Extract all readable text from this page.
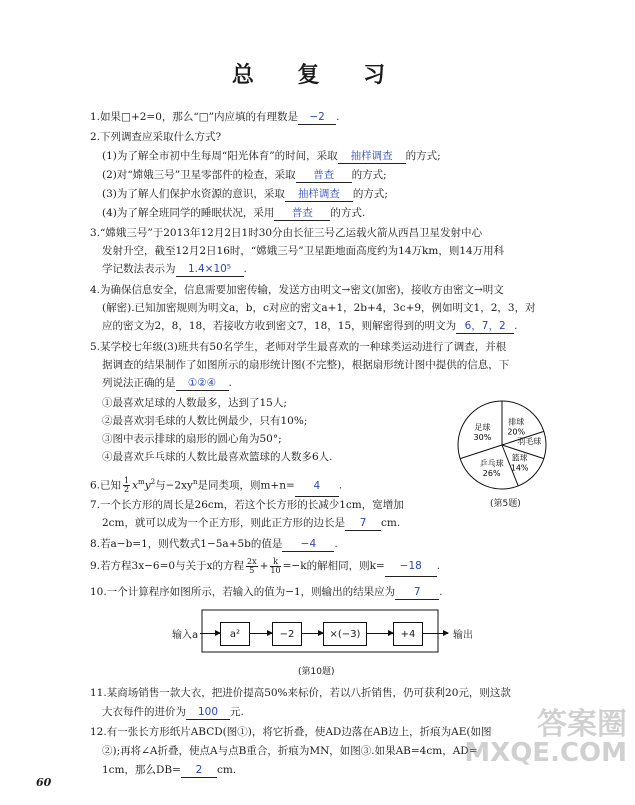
总 复 习
1.如果□+2=0，那么“□”内应填的有理数是 −2 .
2.下列调查应采取什么方式?
(1)为了解全市初中生每周“阳光体育”的时间，采取 抽样调查 的方式;
(2)对“嫦娥三号”卫星零部件的检查，采取 普查 的方式;
(3)为了解人们保护水资源的意识，采取 抽样调查 的方式;
(4)为了解全班同学的睡眠状况，采用 普查 的方式.
3.“嫦娥三号”于2013年12月2日1时30分由长征三号乙运载火箭从西昌卫星发射中心
发射升空，截至12月2日16时，“嫦娥三号”卫星距地面高度约为14万km，则14万用科
学记数法表示为 1.4×10⁵ .
4.为确保信息安全，信息需要加密传输，发送方由明文→密文(加密)，接收方由密文→明文
(解密).已知加密规则为明文a，b，c对应的密文a+1，2b+4，3c+9，例如明文1，2，3，对
应的密文为2，8，18，若接收方收到密文7，18，15，则解密得到的明文为 6，7，2 .
5.某学校七年级(3)班共有50名学生，老师对学生最喜欢的一种球类运动进行了调查，并根
据调查的结果制作了如图所示的扇形统计图(不完整)，根据扇形统计图中提供的信息，下
列说法正确的是 ①②④ .
①最喜欢足球的人数最多，达到了15人;
②最喜欢羽毛球的人数比例最少，只有10%;
③图中表示排球的扇形的圆心角为50°;
④最喜欢乒乓球的人数比最喜欢篮球的人数多6人.
足球
30%
排球
20%
羽毛球
篮球
14%
乒乓球
26%
(第5题)
6.已知 $\frac{1}{2} x^my^2$与$-2xy^n$是同类项，则m+n= 4 .
7.一个长方形的周长是26cm，若这个长方形的长减少1cm，宽增加
2cm，就可以成为一个正方形，则此正方形的边长是 7 cm.
8.若a−b=1，则代数式1−5a+5b的值是 −4 .
9.若方程3x−6=0与关于x的方程 $\frac{2x}{5} + \frac{k}{10} =-k$的解相同，则k= −18 .
10.一个计算程序如图所示，若输入的值为−1，则输出的结果应为 7 .
输入a	a²	−2	×(−3)	+4	输出
(第10题)
11.某商场销售一款大衣，把进价提高50%来标价，若以八折销售，仍可获利20元，则这款
大衣每件的进价为 100 元.
12.有一张长方形纸片ABCD(图①)，将它折叠，使AD边落在AB边上，折痕为AE(如图
②);再将∠A折叠，使点A与点B重合，折痕为MN，如图③.如果AB=4cm，AD=
1cm，那么DB= 2 cm.
60
答案圈
MXQE.COM
